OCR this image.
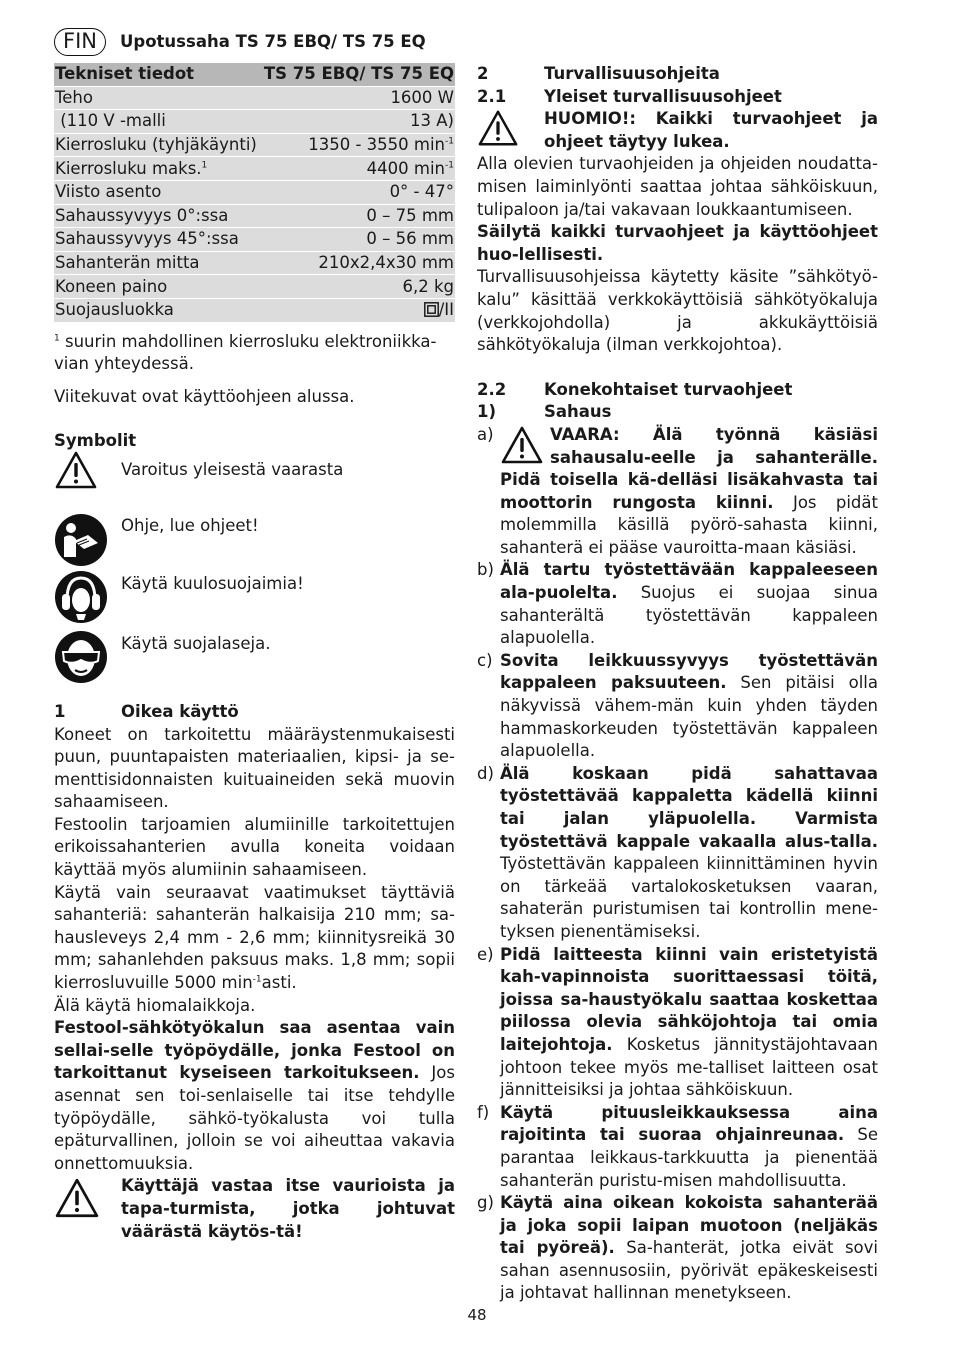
FIN	Upotussaha TS 75 EBQ/ TS 75 EQ
Tekniset tiedot	TS 75 EBQ/ TS 75 EQ
Teho	1600 W
(110 V -malli	13 A)
Kierrosluku (tyhjäkäynti)	1350 - 3550 $\min^{-1}$
Kierrosluku maks.$^1$	4400 $\min^{-1}$
Viisto asento	0° - 47°
Sahaussyvyys 0°:ssa	0 – 75 mm
Sahaussyvyys 45°:ssa	0 – 56 mm
Sahanterän mitta	210x2,4x30 mm
Koneen paino	6,2 kg
Suojausluokka	/II

$^1$ suurin mahdollinen kierrosluku elektroniikka-vian yhteydessä.

Viitekuvat ovat käyttöohjeen alussa.

Symbolit

Varoitus yleisestä vaarasta
Ohje, lue ohjeet!
Käytä kuulosuojaimia!
Käytä suojalaseja.
1	Oikea käyttö

Koneet on tarkoitettu määräystenmukaisesti puun, puuntapaisten materiaalien, kipsi- ja se-menttisidonnaisten kuituaineiden sekä muovin sahaamiseen.

Festoolin tarjoamien alumiinille tarkoitettujen erikoissahanterien avulla koneita voidaan käyttää myös alumiinin sahaamiseen.

Käytä vain seuraavat vaatimukset täyttäviä sahanteriä: sahanterän halkaisija 210 mm; sa-hausleveys 2,4 mm - 2,6 mm; kiinnitysreikä 30 mm; sahanlehden paksuus maks. 1,8 mm; sopii kierrosluvuille 5000 $\min^{-1}asti$.

Älä käytä hiomalaikkoja.

Festool-sähkötyökalun saa asentaa vain sellai-selle työpöydälle, jonka Festool on tarkoittanut kyseiseen tarkoitukseen. Jos asennat sen toi-senlaiselle tai itse tehdylle työpöydälle, sähkö-työkalusta voi tulla epäturvallinen, jolloin se voi aiheuttaa vakavia onnettomuuksia.

Käyttäjä vastaa itse vaurioista ja tapa-turmista, jotka johtuvat väärästä käytös-tä!

2	Turvallisuusohjeita
2.1 Yleiset turvallisuusohjeet

HUOMIO!: Kaikki turvaohjeet ja ohjeet täytyy lukea.

Alla olevien turvaohjeiden ja ohjeiden noudatta-misen laiminlyönti saattaa johtaa sähköiskuun, tulipaloon ja/tai vakavaan loukkaantumiseen.

Säilytä kaikki turvaohjeet ja käyttöohjeet huo-lellisesti.

Turvallisuusohjeissa käytetty käsite ”sähkötyö-kalu” käsittää verkkokäyttöisiä sähkötyökaluja (verkkojohdolla) ja akkukäyttöisiä sähkötyökaluja (ilman verkkojohtoa).

2.2 Konekohtaiset turvaohjeet
1)	Sahaus
a)	VAARA: Älä työnnä käsiäsi sahausalu-eelle ja sahanterälle. Pidä toisella kä-delläsi lisäkahvasta tai moottorin rungosta kiinni. Jos pidät molemmilla käsillä pyörö-sahasta kiinni, sahanterä ei pääse vauroitta-maan käsiäsi.

b) Älä tartu työstettävään kappaleeseen ala-puolelta. Suojus ei suojaa sinua sahanterältä työstettävän kappaleen alapuolella.

c) Sovita leikkuussyvyys työstettävän kappaleen paksuuteen. Sen pitäisi olla näkyvissä vähem-män kuin yhden täyden hammaskorkeuden työstettävän kappaleen alapuolella.

d) Älä koskaan pidä sahattavaa työstettävää kappaletta kädellä kiinni tai jalan yläpuolella. Varmista työstettävä kappale vakaalla alus-talla. Työstettävän kappaleen kiinnittäminen hyvin on tärkeää vartalokosketuksen vaaran, sahaterän puristumisen tai kontrollin mene-tyksen pienentämiseksi.

e) Pidä laitteesta kiinni vain eristetyistä kah-vapinnoista suorittaessasi töitä, joissa sa-haustyökalu saattaa koskettaa piilossa olevia sähköjohtoja tai omia laitejohtoja. Kosketus jännitystäjohtavaan johtoon tekee myös me-talliset laitteen osat jännitteisiksi ja johtaa sähköiskuun.

f) Käytä pituusleikkauksessa aina rajoitinta tai suoraa ohjainreunaa. Se parantaa leikkaus-tarkkuutta ja pienentää sahanterän puristu-misen mahdollisuutta.

g) Käytä aina oikean kokoista sahanterää ja joka sopii laipan muotoon (neljäkäs tai pyöreä). Sa-hanterät, jotka eivät sovi sahan asennusosiin, pyörivät epäkeskeisesti ja johtavat hallinnan menetykseen.

48
